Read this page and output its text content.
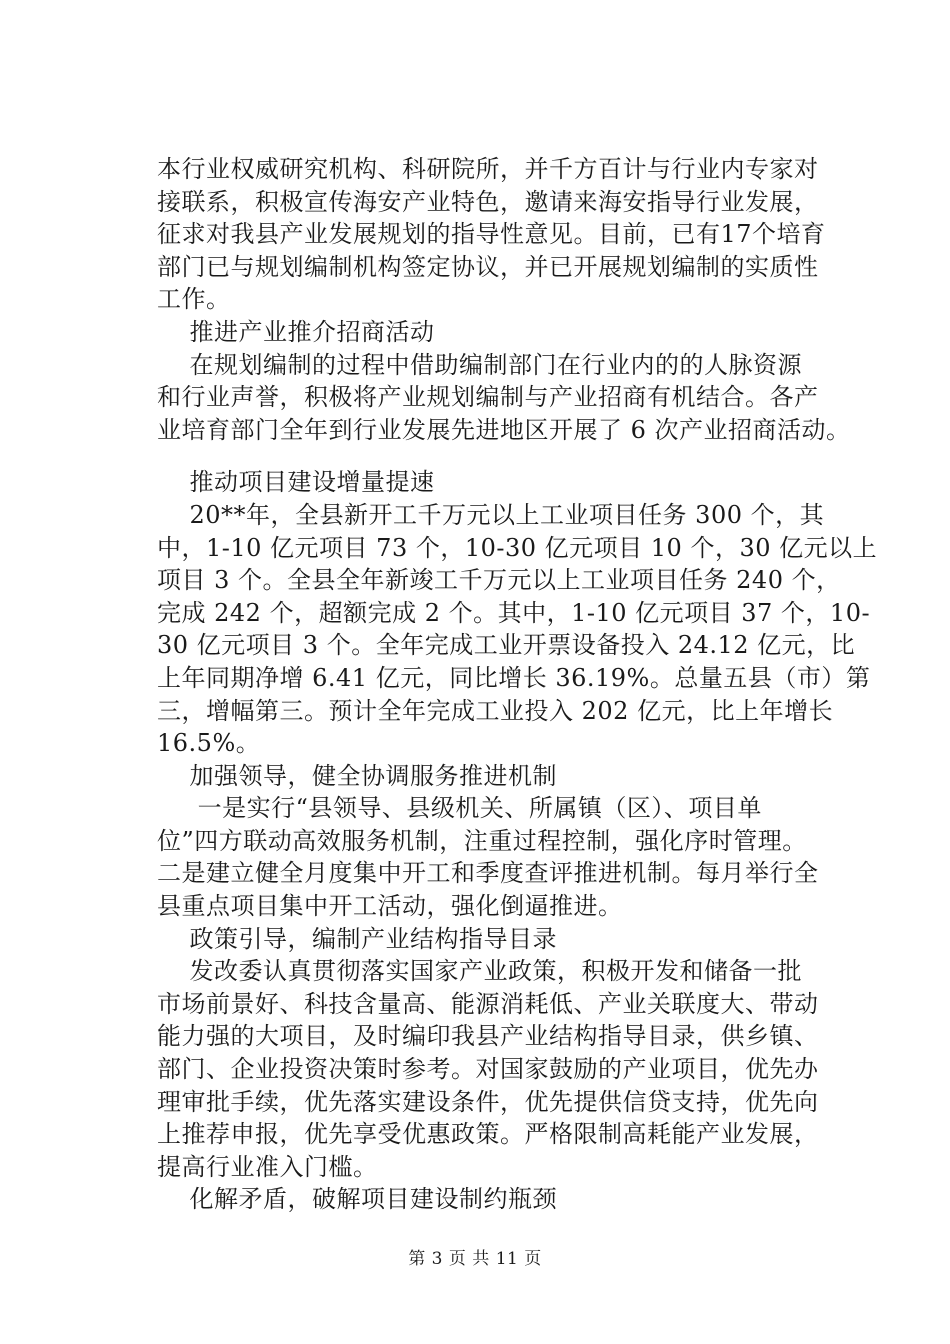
本行业权威研究机构、科研院所，并千方百计与行业内专家对
接联系，积极宣传海安产业特色，邀请来海安指导行业发展，
征求对我县产业发展规划的指导性意见。目前，已有17个培育
部门已与规划编制机构签定协议，并已开展规划编制的实质性
工作。
推进产业推介招商活动
在规划编制的过程中借助编制部门在行业内的的人脉资源
和行业声誉，积极将产业规划编制与产业招商有机结合。各产
业培育部门全年到行业发展先进地区开展了 6 次产业招商活动。
推动项目建设增量提速
20**年，全县新开工千万元以上工业项目任务 300 个，其
中，1-10 亿元项目 73 个，10-30 亿元项目 10 个，30 亿元以上
项目 3 个。全县全年新竣工千万元以上工业项目任务 240 个，
完成 242 个，超额完成 2 个。其中，1-10 亿元项目 37 个，10-
30 亿元项目 3 个。全年完成工业开票设备投入 24.12 亿元，比
上年同期净增 6.41 亿元，同比增长 36.19%。总量五县（市）第
三，增幅第三。预计全年完成工业投入 202 亿元，比上年增长
16.5%。
加强领导，健全协调服务推进机制
一是实行“县领导、县级机关、所属镇（区）、项目单
位”四方联动高效服务机制，注重过程控制，强化序时管理。
二是建立健全月度集中开工和季度查评推进机制。每月举行全
县重点项目集中开工活动，强化倒逼推进。
政策引导，编制产业结构指导目录
发改委认真贯彻落实国家产业政策，积极开发和储备一批
市场前景好、科技含量高、能源消耗低、产业关联度大、带动
能力强的大项目，及时编印我县产业结构指导目录，供乡镇、
部门、企业投资决策时参考。对国家鼓励的产业项目，优先办
理审批手续，优先落实建设条件，优先提供信贷支持，优先向
上推荐申报，优先享受优惠政策。严格限制高耗能产业发展，
提高行业准入门槛。
化解矛盾，破解项目建设制约瓶颈
第 3 页 共 11 页
